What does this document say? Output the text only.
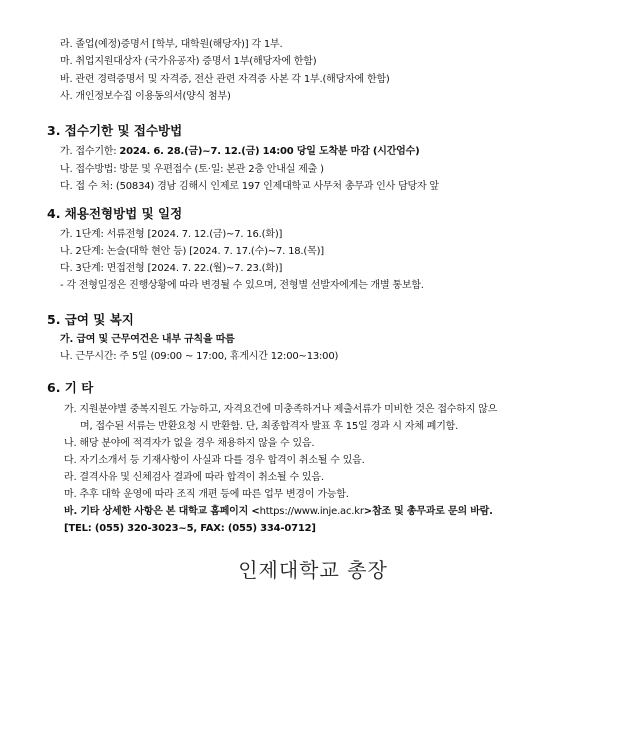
라. 졸업(예정)증명서 [학부, 대학원(해당자)] 각 1부.
마. 취업지원대상자 (국가유공자) 증명서 1부(해당자에 한함)
바. 관련 경력증명서 및 자격증, 전산 관련 자격증 사본 각 1부.(해당자에 한함)
사. 개인정보수집 이용동의서(양식 첨부)
3. 접수기한 및 접수방법
가. 접수기한: 2024. 6. 28.(금)~7. 12.(금) 14:00 당일 도착분 마감 (시간엄수)
나. 접수방법: 방문 및 우편접수 (토·일: 본관 2층 안내실 제출 )
다. 접 수 처: (50834) 경남 김해시 인제로 197 인제대학교 사무처 총무과 인사 담당자 앞
4. 채용전형방법 및 일정
가. 1단계: 서류전형 [2024. 7. 12.(금)~7. 16.(화)]
나. 2단계: 논술(대학 현안 등) [2024. 7. 17.(수)~7. 18.(목)]
다. 3단계: 면접전형 [2024. 7. 22.(월)~7. 23.(화)]
- 각 전형일정은 진행상황에 따라 변경될 수 있으며, 전형별 선발자에게는 개별 통보함.
5. 급여 및 복지
가. 급여 및 근무여건은 내부 규칙을 따름
나. 근무시간: 주 5일 (09:00 ~ 17:00, 휴게시간 12:00~13:00)
6. 기 타
가. 지원분야별 중복지원도 가능하고, 자격요건에 미충족하거나 제출서류가 미비한 것은 접수하지 않으
며, 접수된 서류는 반환요청 시 반환함. 단, 최종합격자 발표 후 15일 경과 시 자체 폐기함.
나. 해당 분야에 적격자가 없을 경우 채용하지 않을 수 있음.
다. 자기소개서 등 기재사항이 사실과 다를 경우 합격이 취소될 수 있음.
라. 결격사유 및 신체검사 결과에 따라 합격이 취소될 수 있음.
마. 추후 대학 운영에 따라 조직 개편 등에 따른 업무 변경이 가능함.
바. 기타 상세한 사항은 본 대학교 홈페이지 <https://www.inje.ac.kr>참조 및 총무과로 문의 바람.
[TEL: (055) 320-3023~5, FAX: (055) 334-0712]
인제대학교 총장
